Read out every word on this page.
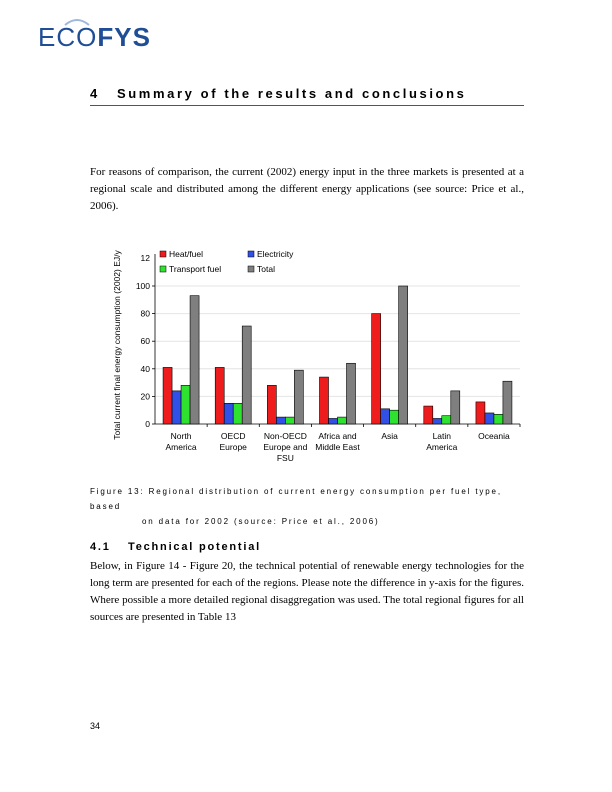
ECOFYS
4 Summary of the results and conclusions
For reasons of comparison, the current (2002) energy input in the three markets is presented at a regional scale and distributed among the different energy applications (see source: Price et al., 2006).
Total current final energy consumption (2002) EJ/y	0
20
40
60
80
100
12
North
America
OECD
Europe
Non-OECD
Europe and
FSU
Africa and
Middle East
Asia	Latin
America
Oceania
Heat/fuel	Electricity
Transport fuel	Total
Figure 13: Regional distribution of current energy consumption per fuel type, based
on data for 2002 (source: Price et al., 2006)
4.1 Technical potential
Below, in Figure 14 - Figure 20, the technical potential of renewable energy technologies for the long term are presented for each of the regions. Please note the difference in y-axis for the figures. Where possible a more detailed regional disaggregation was used. The total regional figures for all sources are presented in Table 13
34
